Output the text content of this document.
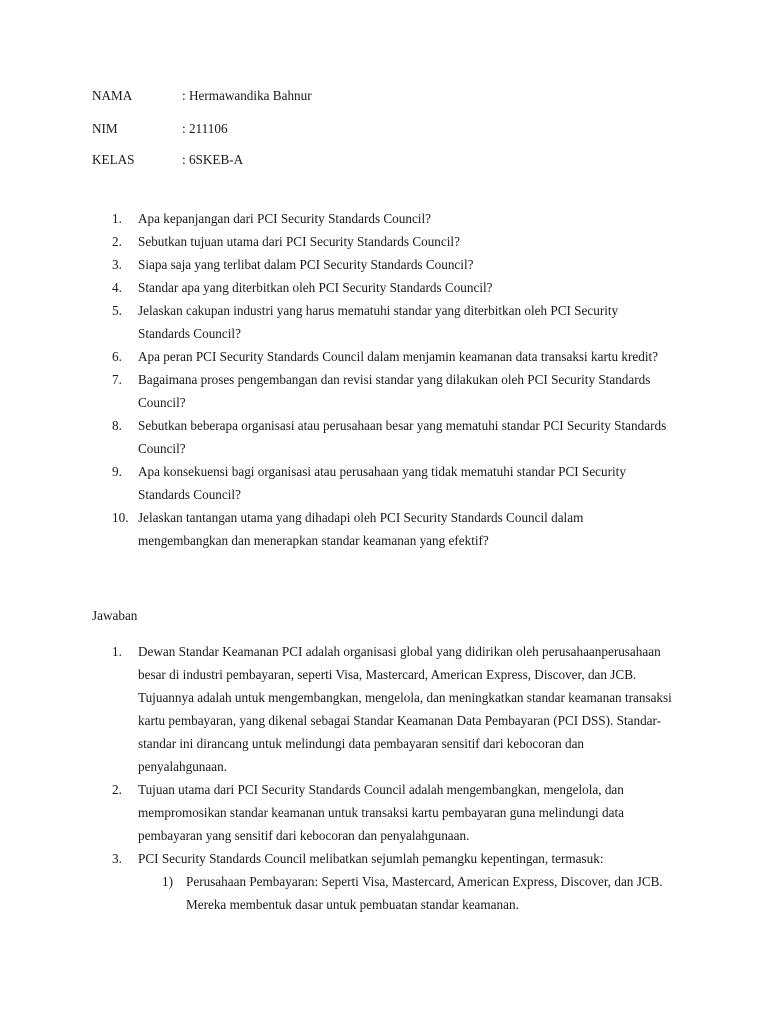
NAMA	: Hermawandika Bahnur
NIM	: 211106
KELAS	: 6SKEB-A
1.	Apa kepanjangan dari PCI Security Standards Council?
2.	Sebutkan tujuan utama dari PCI Security Standards Council?
3.	Siapa saja yang terlibat dalam PCI Security Standards Council?
4.	Standar apa yang diterbitkan oleh PCI Security Standards Council?
5.	Jelaskan cakupan industri yang harus mematuhi standar yang diterbitkan oleh PCI Security Standards Council?
6.	Apa peran PCI Security Standards Council dalam menjamin keamanan data transaksi kartu kredit?
7.	Bagaimana proses pengembangan dan revisi standar yang dilakukan oleh PCI Security Standards Council?
8.	Sebutkan beberapa organisasi atau perusahaan besar yang mematuhi standar PCI Security Standards Council?
9.	Apa konsekuensi bagi organisasi atau perusahaan yang tidak mematuhi standar PCI Security Standards Council?
10. Jelaskan tantangan utama yang dihadapi oleh PCI Security Standards Council dalam mengembangkan dan menerapkan standar keamanan yang efektif?
Jawaban
1.	Dewan Standar Keamanan PCI adalah organisasi global yang didirikan oleh perusahaanperusahaan besar di industri pembayaran, seperti Visa, Mastercard, American Express, Discover, dan JCB. Tujuannya adalah untuk mengembangkan, mengelola, dan meningkatkan standar keamanan transaksi kartu pembayaran, yang dikenal sebagai Standar Keamanan Data Pembayaran (PCI DSS). Standar-standar ini dirancang untuk melindungi data pembayaran sensitif dari kebocoran dan penyalahgunaan.
2.	Tujuan utama dari PCI Security Standards Council adalah mengembangkan, mengelola, dan mempromosikan standar keamanan untuk transaksi kartu pembayaran guna melindungi data pembayaran yang sensitif dari kebocoran dan penyalahgunaan.
3.	PCI Security Standards Council melibatkan sejumlah pemangku kepentingan, termasuk:
1) Perusahaan Pembayaran: Seperti Visa, Mastercard, American Express, Discover, dan JCB. Mereka membentuk dasar untuk pembuatan standar keamanan.
